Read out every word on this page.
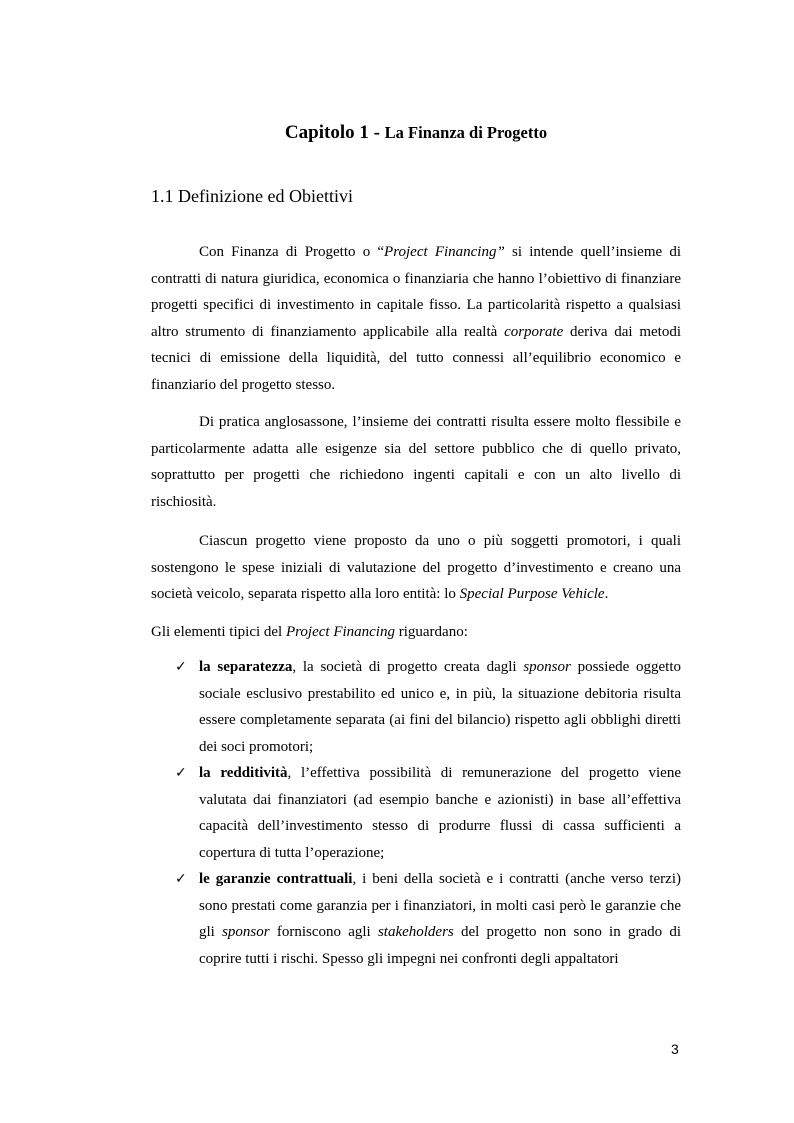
Capitolo 1 - La Finanza di Progetto
1.1 Definizione ed Obiettivi

Con Finanza di Progetto o “Project Financing” si intende quell’insieme di contratti di natura giuridica, economica o finanziaria che hanno l’obiettivo di finanziare progetti specifici di investimento in capitale fisso. La particolarità rispetto a qualsiasi altro strumento di finanziamento applicabile alla realtà corporate deriva dai metodi tecnici di emissione della liquidità, del tutto connessi all’equilibrio economico e finanziario del progetto stesso.

Di pratica anglosassone, l’insieme dei contratti risulta essere molto flessibile e particolarmente adatta alle esigenze sia del settore pubblico che di quello privato, soprattutto per progetti che richiedono ingenti capitali e con un alto livello di rischiosità.

Ciascun progetto viene proposto da uno o più soggetti promotori, i quali sostengono le spese iniziali di valutazione del progetto d’investimento e creano una società veicolo, separata rispetto alla loro entità: lo Special Purpose Vehicle.

Gli elementi tipici del Project Financing riguardano:

✓ la separatezza, la società di progetto creata dagli sponsor possiede oggetto sociale esclusivo prestabilito ed unico e, in più, la situazione debitoria risulta essere completamente separata (ai fini del bilancio) rispetto agli obblighi diretti dei soci promotori;
✓ la redditività, l’effettiva possibilità di remunerazione del progetto viene valutata dai finanziatori (ad esempio banche e azionisti) in base all’effettiva capacità dell’investimento stesso di produrre flussi di cassa sufficienti a copertura di tutta l’operazione;
✓ le garanzie contrattuali, i beni della società e i contratti (anche verso terzi) sono prestati come garanzia per i finanziatori, in molti casi però le garanzie che gli sponsor forniscono agli stakeholders del progetto non sono in grado di coprire tutti i rischi. Spesso gli impegni nei confronti degli appaltatori
3
